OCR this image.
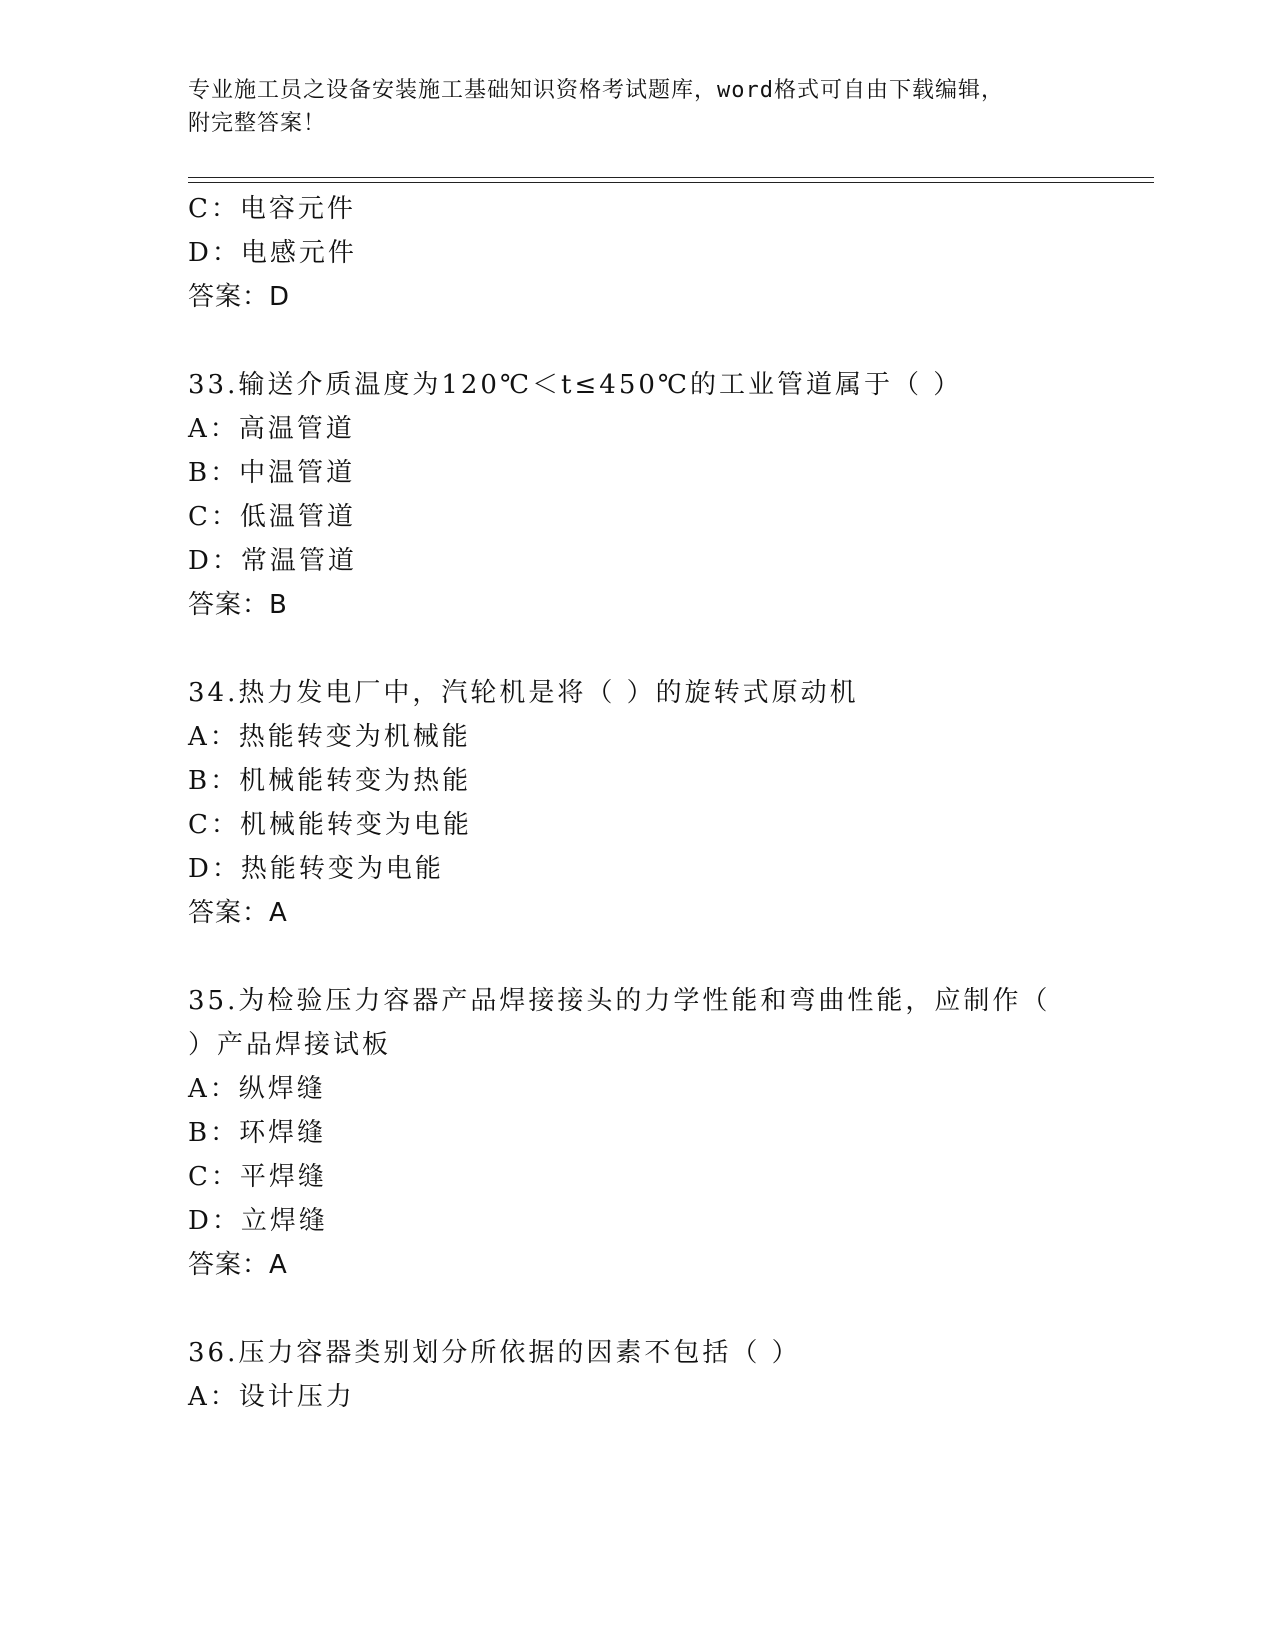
专业施工员之设备安装施工基础知识资格考试题库，word格式可自由下载编辑，
附完整答案！
C：电容元件
D：电感元件
答案：D
33.输送介质温度为120℃＜t≤450℃的工业管道属于（ ）
A：高温管道
B：中温管道
C：低温管道
D：常温管道
答案：B
34.热力发电厂中，汽轮机是将（ ）的旋转式原动机
A：热能转变为机械能
B：机械能转变为热能
C：机械能转变为电能
D：热能转变为电能
答案：A
35.为检验压力容器产品焊接接头的力学性能和弯曲性能，应制作（
）产品焊接试板
A：纵焊缝
B：环焊缝
C：平焊缝
D：立焊缝
答案：A
36.压力容器类别划分所依据的因素不包括（ ）
A：设计压力
